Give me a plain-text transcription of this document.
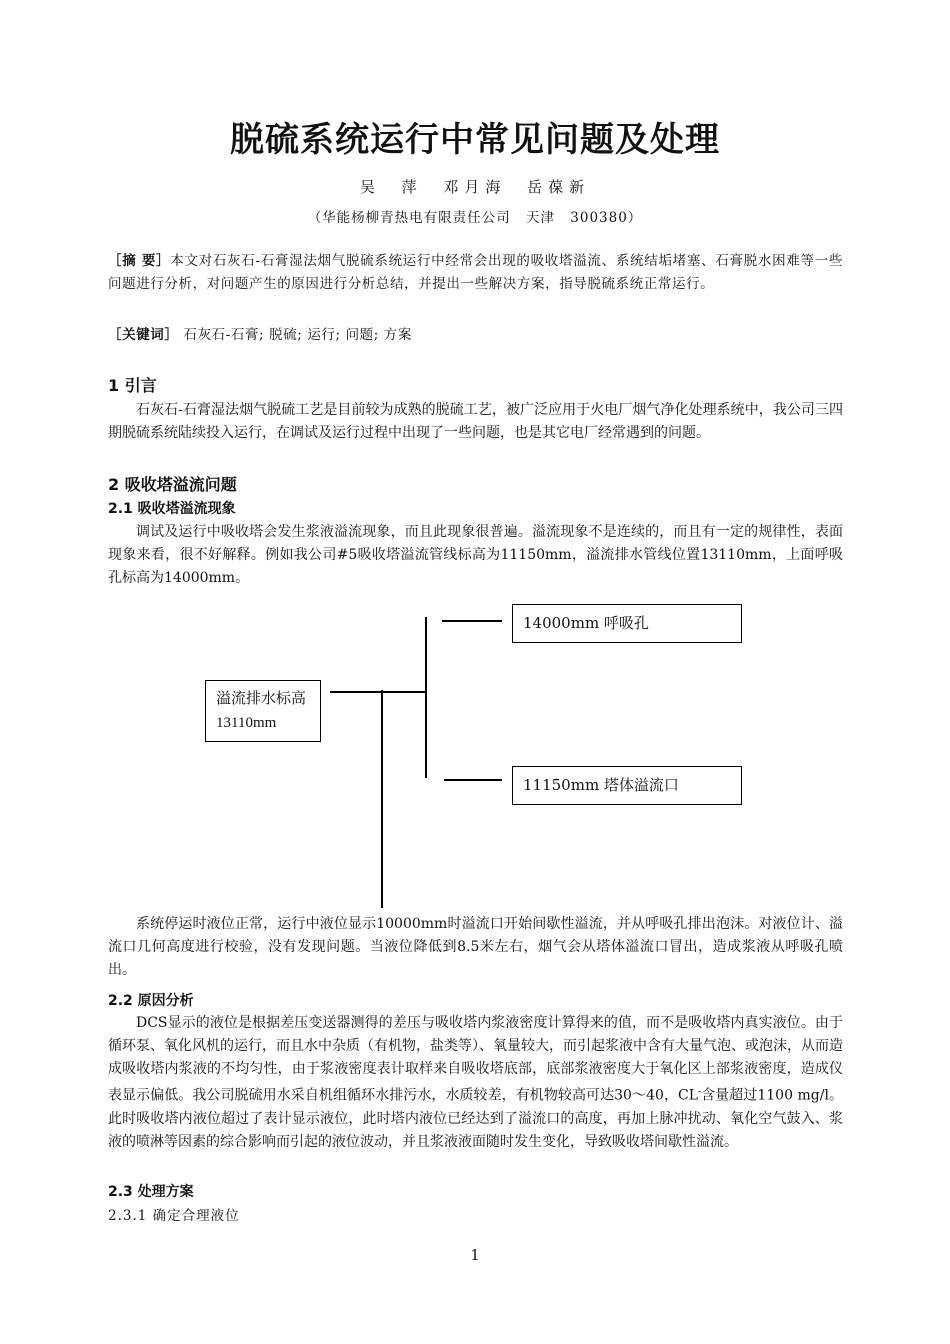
脱硫系统运行中常见问题及处理
吴 萍 邓月海 岳葆新
（华能杨柳青热电有限责任公司 天津 300380）
［摘 要］本文对石灰石-石膏湿法烟气脱硫系统运行中经常会出现的吸收塔溢流、系统结垢堵塞、石膏脱水困难等一些问题进行分析，对问题产生的原因进行分析总结，并提出一些解决方案，指导脱硫系统正常运行。
［关键词］ 石灰石-石膏; 脱硫; 运行; 问题; 方案
1 引言
石灰石-石膏湿法烟气脱硫工艺是目前较为成熟的脱硫工艺，被广泛应用于火电厂烟气净化处理系统中，我公司三四期脱硫系统陆续投入运行，在调试及运行过程中出现了一些问题，也是其它电厂经常遇到的问题。
2 吸收塔溢流问题
2.1 吸收塔溢流现象
调试及运行中吸收塔会发生浆液溢流现象，而且此现象很普遍。溢流现象不是连续的，而且有一定的规律性，表面现象来看，很不好解释。例如我公司#5吸收塔溢流管线标高为11150mm，溢流排水管线位置13110mm，上面呼吸孔标高为14000mm。
溢流排水标高13110mm
14000mm 呼吸孔
11150mm 塔体溢流口
系统停运时液位正常，运行中液位显示10000mm时溢流口开始间歇性溢流，并从呼吸孔排出泡沫。对液位计、溢流口几何高度进行校验，没有发现问题。当液位降低到8.5米左右，烟气会从塔体溢流口冒出，造成浆液从呼吸孔喷出。
2.2 原因分析
DCS显示的液位是根据差压变送器测得的差压与吸收塔内浆液密度计算得来的值，而不是吸收塔内真实液位。由于循环泵、氧化风机的运行，而且水中杂质（有机物，盐类等）、氧量较大，而引起浆液中含有大量气泡、或泡沫，从而造成吸收塔内浆液的不均匀性，由于浆液密度表计取样来自吸收塔底部，底部浆液密度大于氧化区上部浆液密度，造成仪表显示偏低。我公司脱硫用水采自机组循环水排污水，水质较差，有机物较高可达30～40，CL-含量超过1100 mg/l。此时吸收塔内液位超过了表计显示液位，此时塔内液位已经达到了溢流口的高度，再加上脉冲扰动、氧化空气鼓入、浆液的喷淋等因素的综合影响而引起的液位波动，并且浆液液面随时发生变化，导致吸收塔间歇性溢流。
2.3 处理方案
2.3.1 确定合理液位
1
